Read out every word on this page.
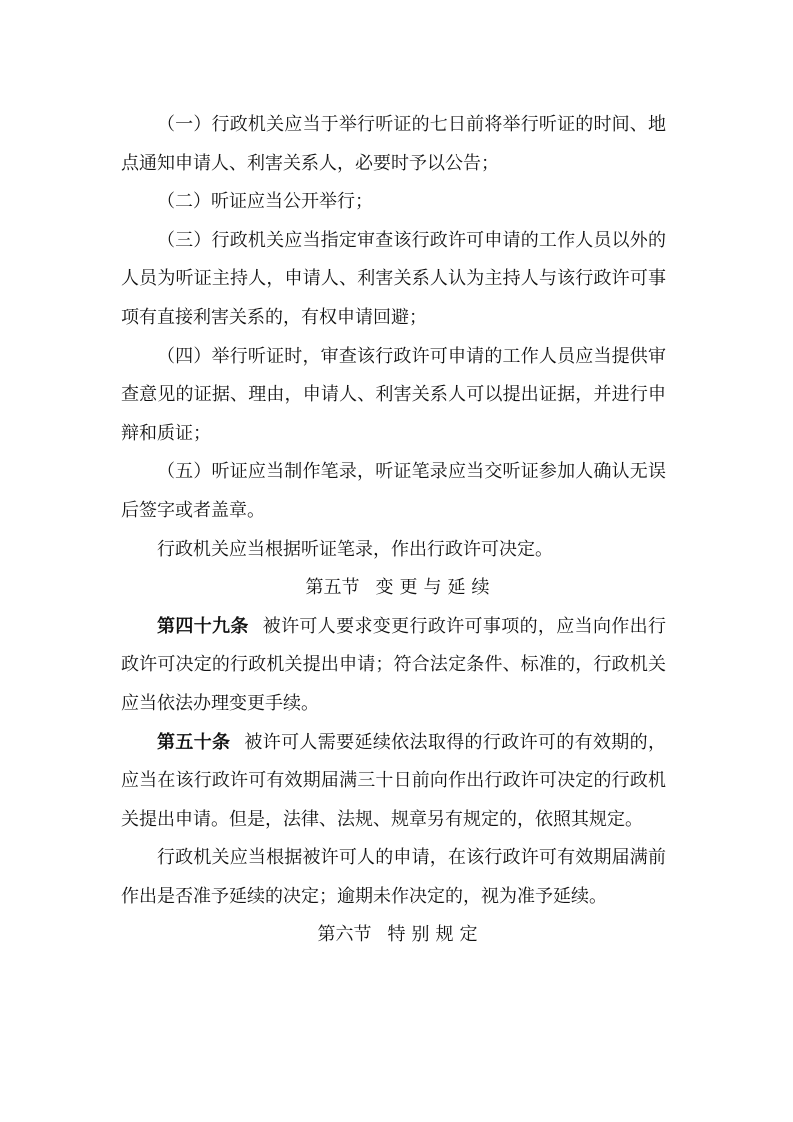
（一）行政机关应当于举行听证的七日前将举行听证的时间、地点通知申请人、利害关系人，必要时予以公告；

（二）听证应当公开举行；

（三）行政机关应当指定审查该行政许可申请的工作人员以外的人员为听证主持人，申请人、利害关系人认为主持人与该行政许可事项有直接利害关系的，有权申请回避；

（四）举行听证时，审查该行政许可申请的工作人员应当提供审查意见的证据、理由，申请人、利害关系人可以提出证据，并进行申辩和质证；

（五）听证应当制作笔录，听证笔录应当交听证参加人确认无误后签字或者盖章。

行政机关应当根据听证笔录，作出行政许可决定。

第五节 变更与延续

第四十九条 被许可人要求变更行政许可事项的，应当向作出行政许可决定的行政机关提出申请；符合法定条件、标准的，行政机关应当依法办理变更手续。

第五十条 被许可人需要延续依法取得的行政许可的有效期的，应当在该行政许可有效期届满三十日前向作出行政许可决定的行政机关提出申请。但是，法律、法规、规章另有规定的，依照其规定。

行政机关应当根据被许可人的申请，在该行政许可有效期届满前作出是否准予延续的决定；逾期未作决定的，视为准予延续。

第六节 特别规定
